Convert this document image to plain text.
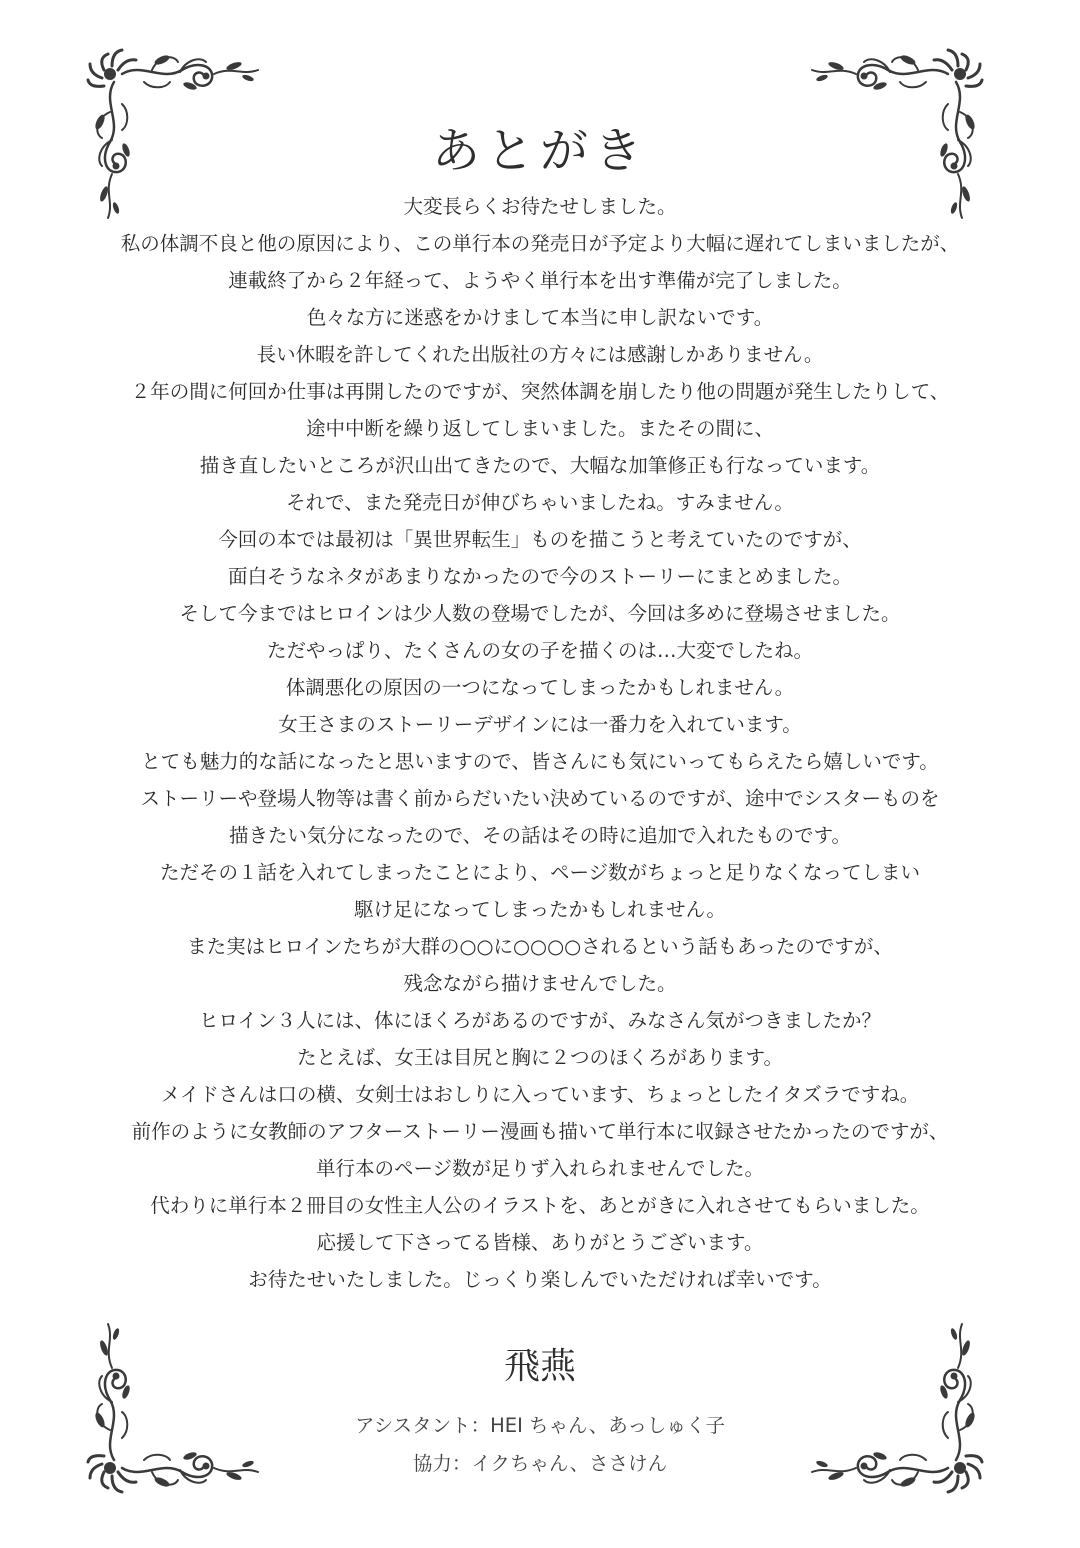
あとがき
大変長らくお待たせしました。
私の体調不良と他の原因により、この単行本の発売日が予定より大幅に遅れてしまいましたが、
連載終了から２年経って、ようやく単行本を出す準備が完了しました。
色々な方に迷惑をかけまして本当に申し訳ないです。
長い休暇を許してくれた出版社の方々には感謝しかありません。
２年の間に何回か仕事は再開したのですが、突然体調を崩したり他の問題が発生したりして、
途中中断を繰り返してしまいました。またその間に、
描き直したいところが沢山出てきたので、大幅な加筆修正も行なっています。
それで、また発売日が伸びちゃいましたね。すみません。
今回の本では最初は「異世界転生」ものを描こうと考えていたのですが、
面白そうなネタがあまりなかったので今のストーリーにまとめました。
そして今まではヒロインは少人数の登場でしたが、今回は多めに登場させました。
ただやっぱり、たくさんの女の子を描くのは…大変でしたね。
体調悪化の原因の一つになってしまったかもしれません。
女王さまのストーリーデザインには一番力を入れています。
とても魅力的な話になったと思いますので、皆さんにも気にいってもらえたら嬉しいです。
ストーリーや登場人物等は書く前からだいたい決めているのですが、途中でシスターものを
描きたい気分になったので、その話はその時に追加で入れたものです。
ただその１話を入れてしまったことにより、ページ数がちょっと足りなくなってしまい
駆け足になってしまったかもしれません。
また実はヒロインたちが大群の○○に○○○○されるという話もあったのですが、
残念ながら描けませんでした。
ヒロイン３人には、体にほくろがあるのですが、みなさん気がつきましたか？
たとえば、女王は目尻と胸に２つのほくろがあります。
メイドさんは口の横、女剣士はおしりに入っています、ちょっとしたイタズラですね。
前作のように女教師のアフターストーリー漫画も描いて単行本に収録させたかったのですが、
単行本のページ数が足りず入れられませんでした。
代わりに単行本２冊目の女性主人公のイラストを、あとがきに入れさせてもらいました。
応援して下さってる皆様、ありがとうございます。
お待たせいたしました。じっくり楽しんでいただければ幸いです。
飛燕
アシスタント：HEI ちゃん、あっしゅく子
協力：イクちゃん、ささけん
